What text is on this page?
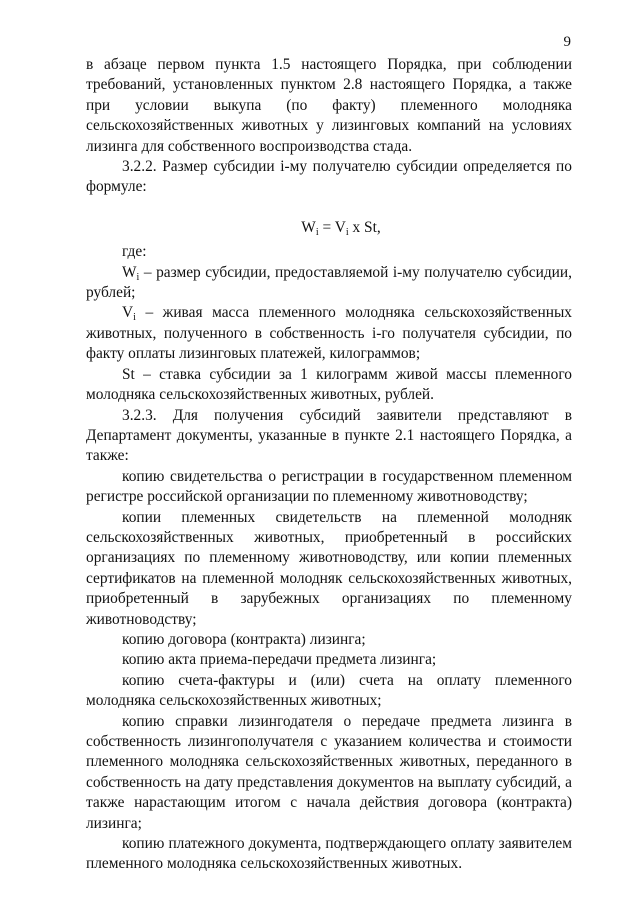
9

в абзаце первом пункта 1.5 настоящего Порядка, при соблюдении требований, установленных пунктом 2.8 настоящего Порядка, а также при условии выкупа (по факту) племенного молодняка сельскохозяйственных животных у лизинговых компаний на условиях лизинга для собственного воспроизводства стада.

3.2.2. Размер субсидии i-му получателю субсидии определяется по формуле:

$W_i = V_i$ x St,

где:

$W_i$ – размер субсидии, предоставляемой i-му получателю субсидии, рублей;

$V_i$ – живая масса племенного молодняка сельскохозяйственных животных, полученного в собственность i-го получателя субсидии, по факту оплаты лизинговых платежей, килограммов;

St – ставка субсидии за 1 килограмм живой массы племенного молодняка сельскохозяйственных животных, рублей.

3.2.3. Для получения субсидий заявители представляют в Департамент документы, указанные в пункте 2.1 настоящего Порядка, а также:

копию свидетельства о регистрации в государственном племенном регистре российской организации по племенному животноводству;

копии племенных свидетельств на племенной молодняк сельскохозяйственных животных, приобретенный в российских организациях по племенному животноводству, или копии племенных сертификатов на племенной молодняк сельскохозяйственных животных, приобретенный в зарубежных организациях по племенному животноводству;

копию договора (контракта) лизинга;

копию акта приема-передачи предмета лизинга;

копию счета-фактуры и (или) счета на оплату племенного молодняка сельскохозяйственных животных;

копию справки лизингодателя о передаче предмета лизинга в собственность лизингополучателя с указанием количества и стоимости племенного молодняка сельскохозяйственных животных, переданного в собственность на дату представления документов на выплату субсидий, а также нарастающим итогом с начала действия договора (контракта) лизинга;

копию платежного документа, подтверждающего оплату заявителем племенного молодняка сельскохозяйственных животных.
